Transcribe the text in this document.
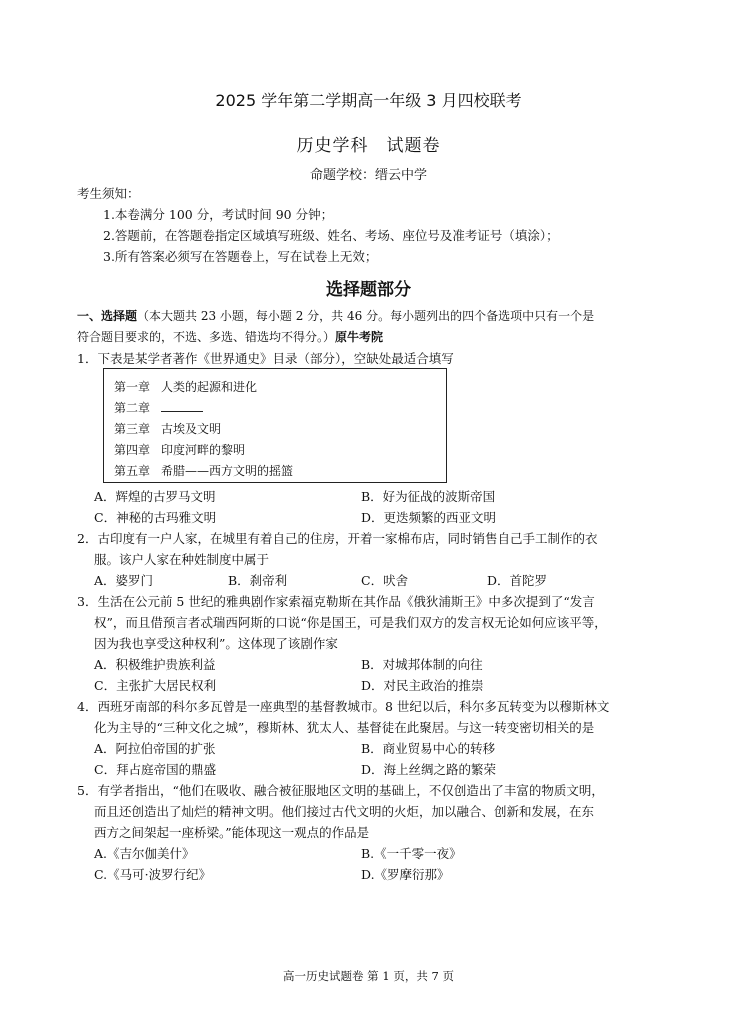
2025 学年第二学期高一年级 3 月四校联考
历史学科　试题卷
命题学校：缙云中学
考生须知：
1.本卷满分 100 分，考试时间 90 分钟；
2.答题前，在答题卷指定区域填写班级、姓名、考场、座位号及准考证号（填涂）；
3.所有答案必须写在答题卷上，写在试卷上无效；
选择题部分
一、选择题（本大题共 23 小题，每小题 2 分，共 46 分。每小题列出的四个备选项中只有一个是
符合题目要求的，不选、多选、错选均不得分。）原牛考院
1．下表是某学者著作《世界通史》目录（部分），空缺处最适合填写
第一章 人类的起源和进化
第二章
第三章 古埃及文明
第四章 印度河畔的黎明
第五章 希腊——西方文明的摇篮
A．辉煌的古罗马文明	B．好为征战的波斯帝国
C．神秘的古玛雅文明	D．更迭频繁的西亚文明
2．古印度有一户人家，在城里有着自己的住房，开着一家棉布店，同时销售自己手工制作的衣
服。该户人家在种姓制度中属于
A．婆罗门	B．刹帝利	C．吠舍	D．首陀罗
3．生活在公元前 5 世纪的雅典剧作家索福克勒斯在其作品《俄狄浦斯王》中多次提到了“发言
权”，而且借预言者忒瑞西阿斯的口说“你是国王，可是我们双方的发言权无论如何应该平等，
因为我也享受这种权利”。这体现了该剧作家
A．积极维护贵族利益	B．对城邦体制的向往
C．主张扩大居民权利	D．对民主政治的推崇
4．西班牙南部的科尔多瓦曾是一座典型的基督教城市。8 世纪以后，科尔多瓦转变为以穆斯林文
化为主导的“三种文化之城”，穆斯林、犹太人、基督徒在此聚居。与这一转变密切相关的是
A．阿拉伯帝国的扩张	B．商业贸易中心的转移
C．拜占庭帝国的鼎盛	D．海上丝绸之路的繁荣
5．有学者指出，“他们在吸收、融合被征服地区文明的基础上，不仅创造出了丰富的物质文明，
而且还创造出了灿烂的精神文明。他们接过古代文明的火炬，加以融合、创新和发展，在东
西方之间架起一座桥梁。”能体现这一观点的作品是
A.《吉尔伽美什》	B.《一千零一夜》
C.《马可·波罗行纪》	D.《罗摩衍那》
高一历史试题卷 第 1 页，共 7 页
